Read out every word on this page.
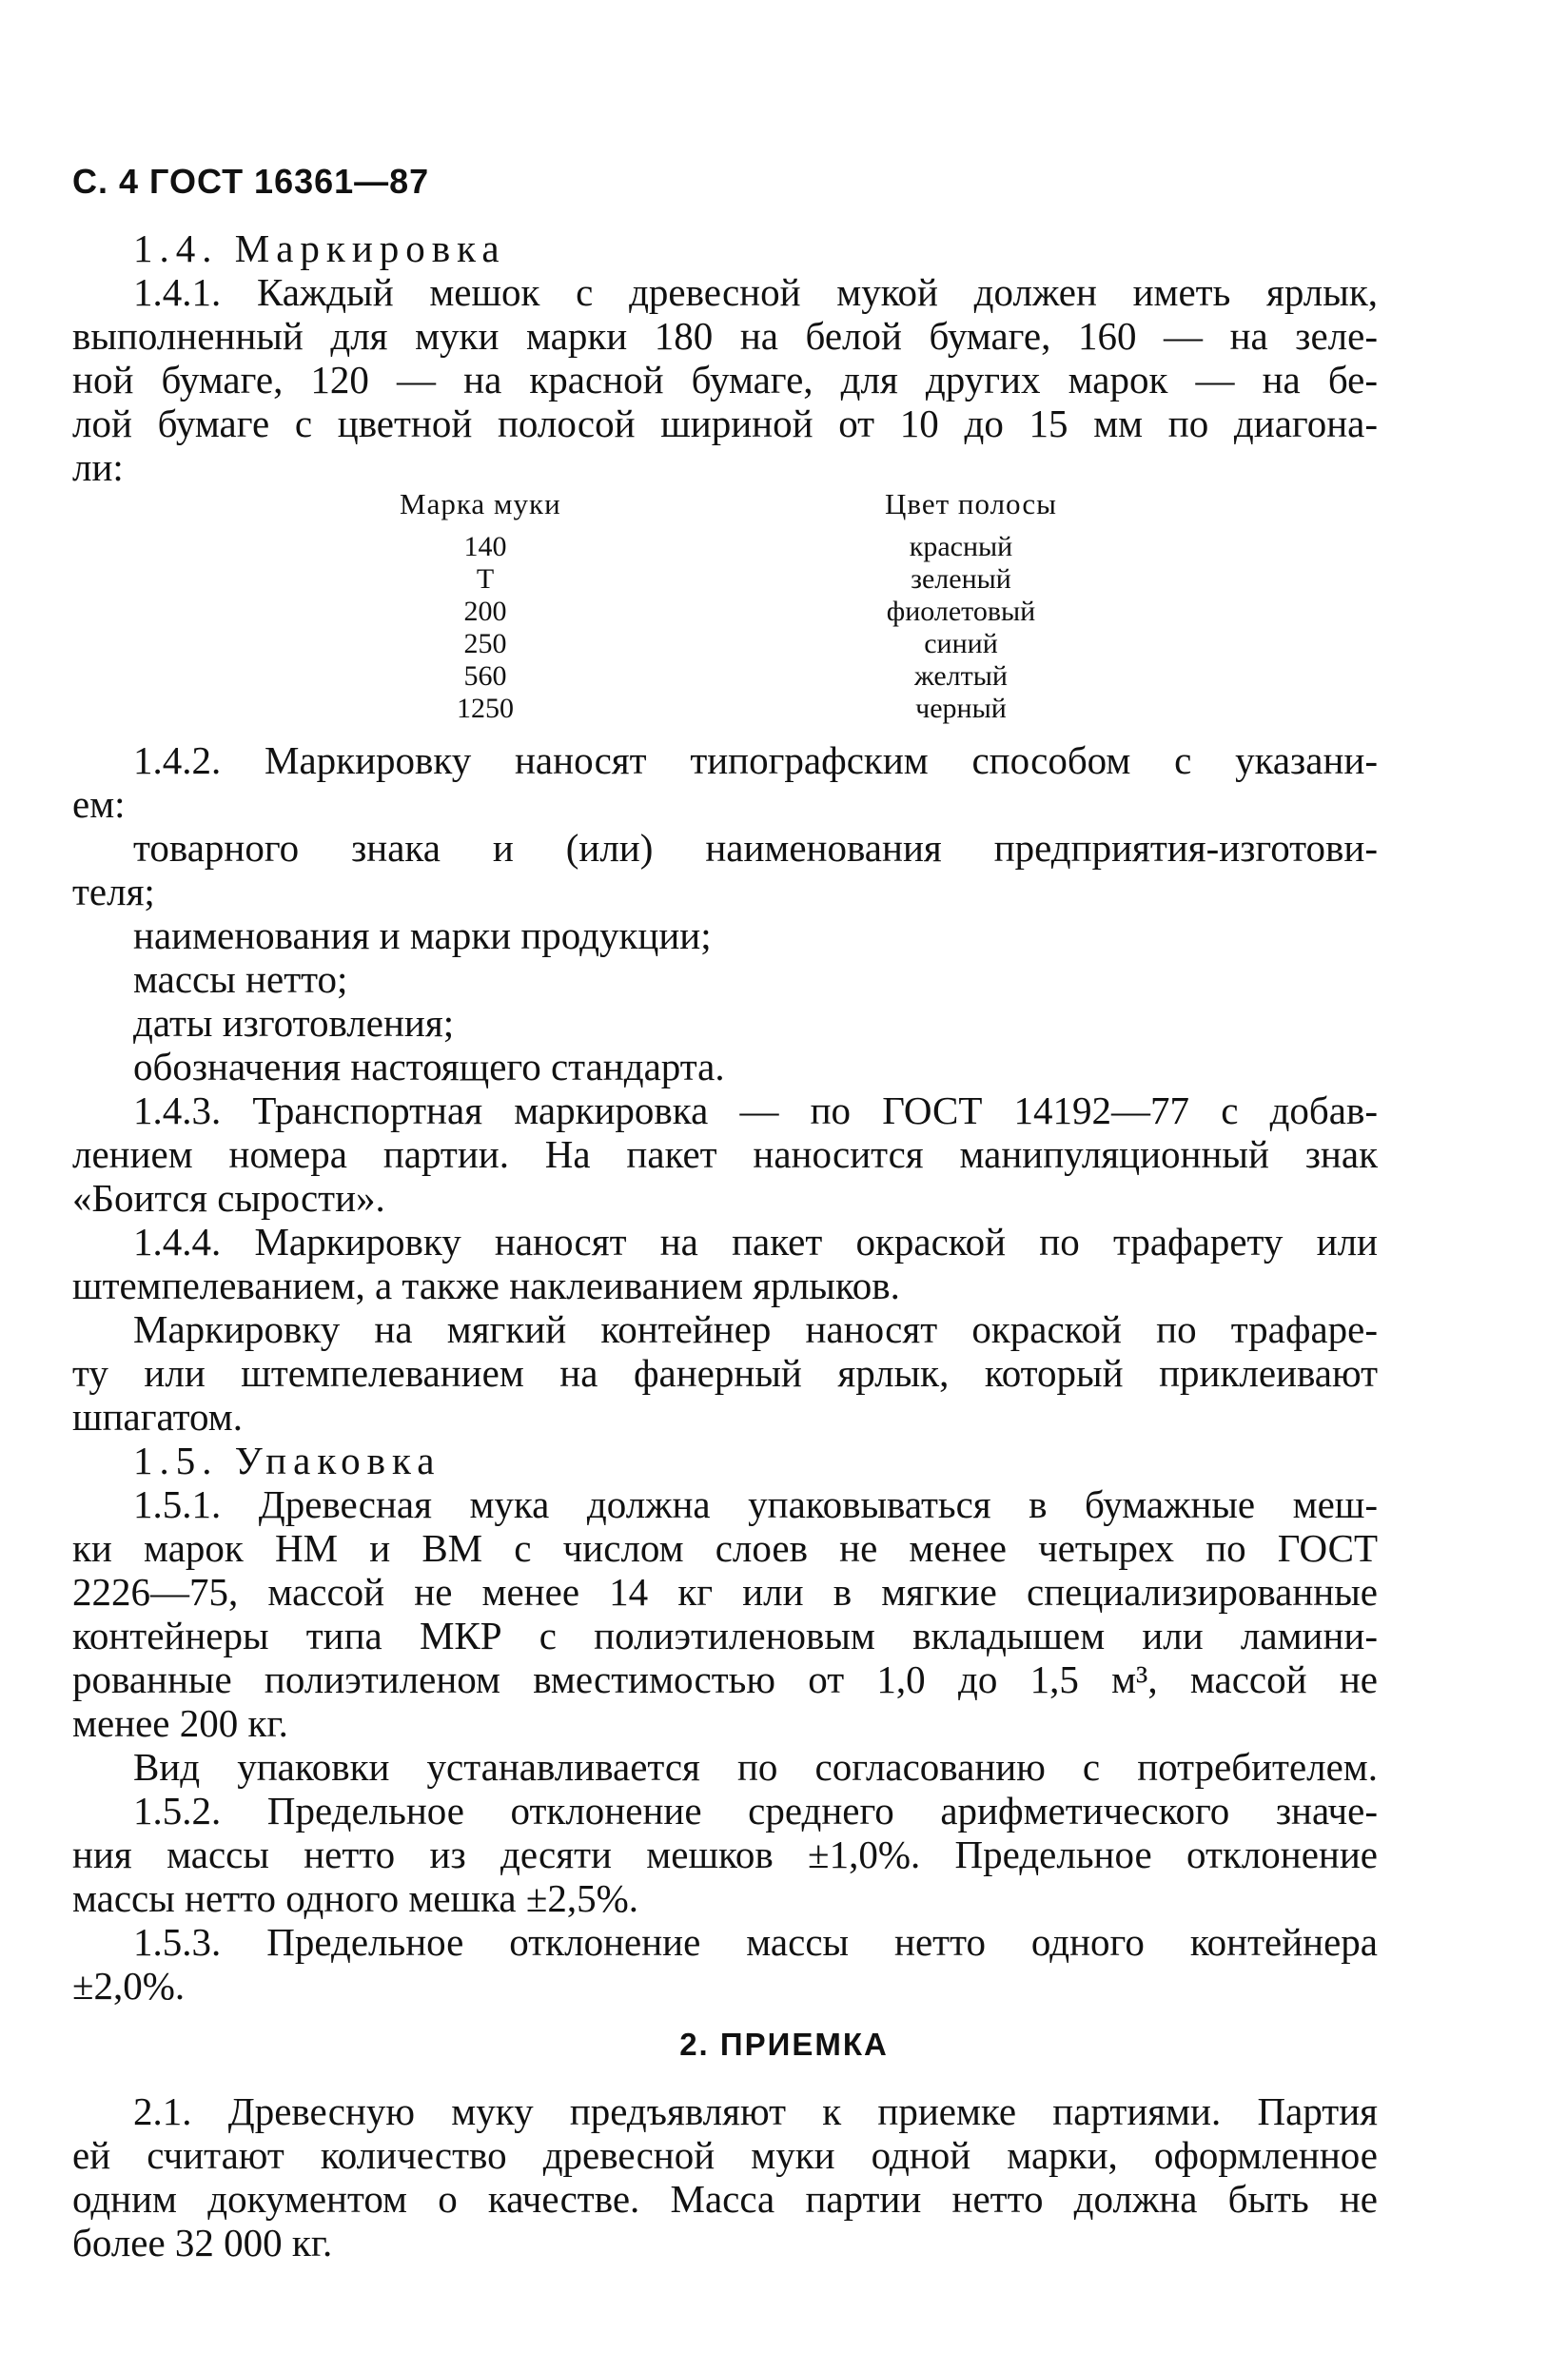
С. 4 ГОСТ 16361—87
1.4. Маркировка
1.4.1. Каждый мешок с древесной мукой должен иметь ярлык,
выполненный для муки марки 180 на белой бумаге, 160 — на зеле-
ной бумаге, 120 — на красной бумаге, для других марок — на бе-
лой бумаге с цветной полосой шириной от 10 до 15 мм по диагона-
ли:
Марка муки	Цвет полосы
140	красный
Т	зеленый
200	фиолетовый
250	синий
560	желтый
1250	черный
1.4.2. Маркировку наносят типографским способом с указани-
ем:
товарного знака и (или) наименования предприятия-изготови-
теля;
наименования и марки продукции;
массы нетто;
даты изготовления;
обозначения настоящего стандарта.
1.4.3. Транспортная маркировка — по ГОСТ 14192—77 с добав-
лением номера партии. На пакет наносится манипуляционный знак
«Боится сырости».
1.4.4. Маркировку наносят на пакет окраской по трафарету или
штемпелеванием, а также наклеиванием ярлыков.
Маркировку на мягкий контейнер наносят окраской по трафаре-
ту или штемпелеванием на фанерный ярлык, который приклеивают
шпагатом.
1.5. Упаковка
1.5.1. Древесная мука должна упаковываться в бумажные меш-
ки марок НМ и ВМ с числом слоев не менее четырех по ГОСТ
2226—75, массой не менее 14 кг или в мягкие специализированные
контейнеры типа МКР с полиэтиленовым вкладышем или ламини-
рованные полиэтиленом вместимостью от 1,0 до 1,5 м³, массой не
менее 200 кг.
Вид упаковки устанавливается по согласованию с потребителем.
1.5.2. Предельное отклонение среднего арифметического значе-
ния массы нетто из десяти мешков ±1,0%. Предельное отклонение
массы нетто одного мешка ±2,5%.
1.5.3. Предельное отклонение массы нетто одного контейнера
±2,0%.
2. ПРИЕМКА
2.1. Древесную муку предъявляют к приемке партиями. Партия
ей считают количество древесной муки одной марки, оформленное
одним документом о качестве. Масса партии нетто должна быть не
более 32 000 кг.
